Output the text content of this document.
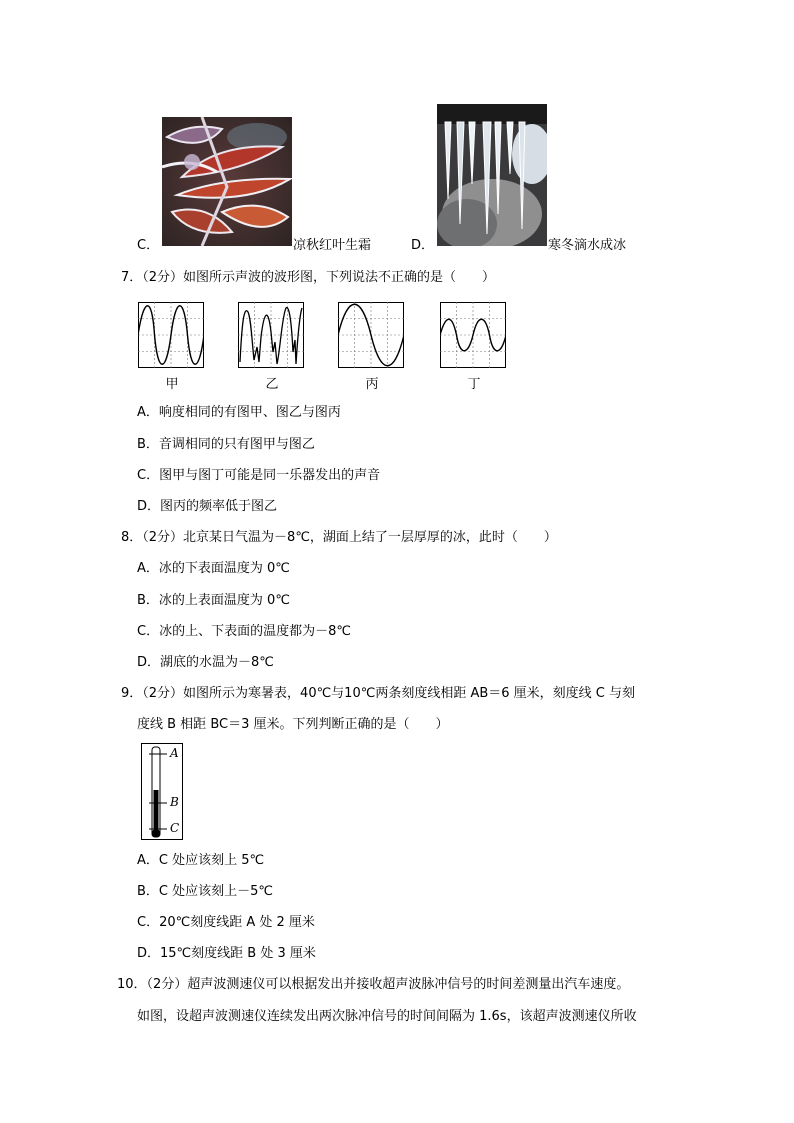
C．	凉秋红叶生霜	D．	寒冬滴水成冰
7．（2分）如图所示声波的波形图，下列说法不正确的是（　　）
甲	乙	丙	丁
A．响度相同的有图甲、图乙与图丙
B．音调相同的只有图甲与图乙
C．图甲与图丁可能是同一乐器发出的声音
D．图丙的频率低于图乙
8．（2分）北京某日气温为－8℃，湖面上结了一层厚厚的冰，此时（　　）
A．冰的下表面温度为 0℃
B．冰的上表面温度为 0℃
C．冰的上、下表面的温度都为－8℃
D．湖底的水温为－8℃
9．（2分）如图所示为寒暑表，40℃与10℃两条刻度线相距 AB＝6 厘米，刻度线 C 与刻
度线 B 相距 BC＝3 厘米。下列判断正确的是（　　）
A
B
C
A．C 处应该刻上 5℃
B．C 处应该刻上－5℃
C．20℃刻度线距 A 处 2 厘米
D．15℃刻度线距 B 处 3 厘米
10．（2分）超声波测速仪可以根据发出并接收超声波脉冲信号的时间差测量出汽车速度。
如图，设超声波测速仪连续发出两次脉冲信号的时间间隔为 1.6s，该超声波测速仪所收
